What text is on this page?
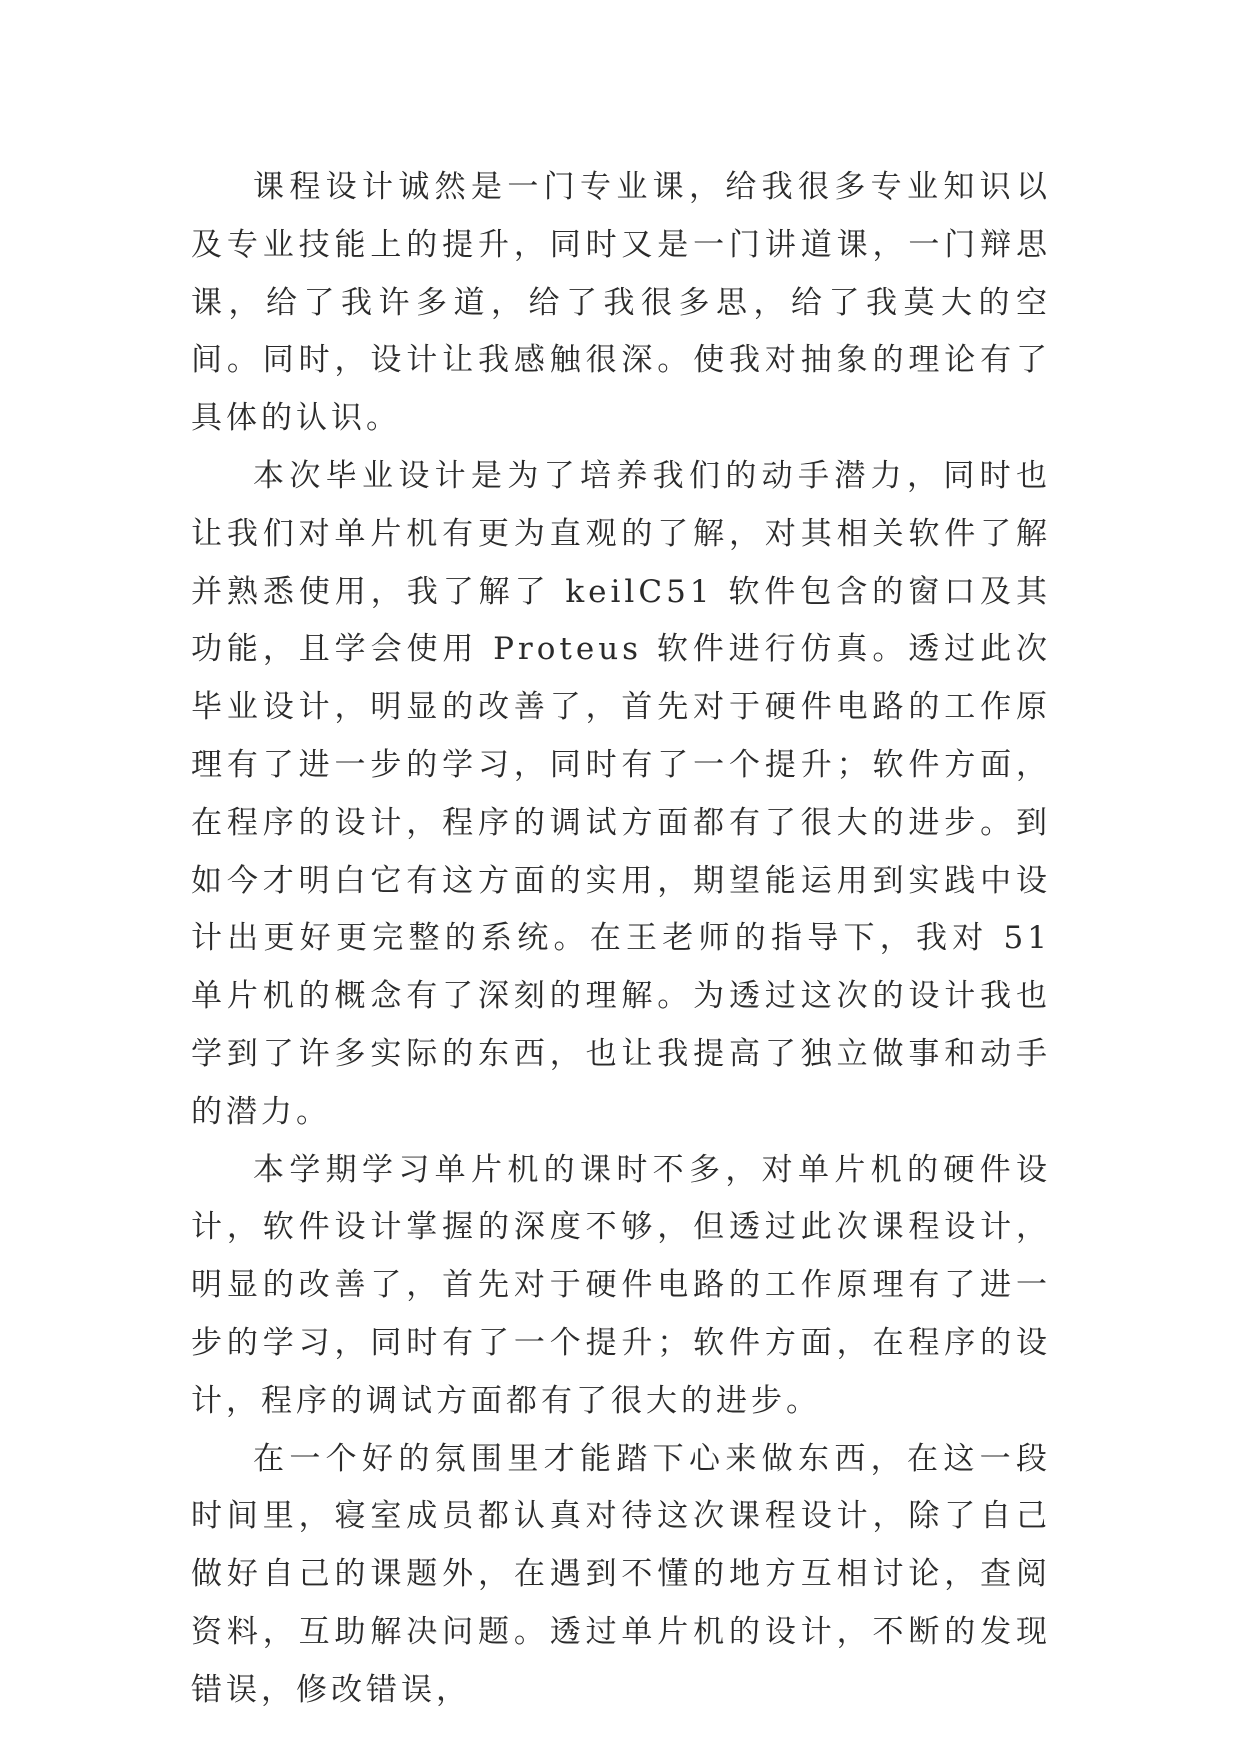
课程设计诚然是一门专业课，给我很多专业知识以及专业技能上的提升，同时又是一门讲道课，一门辩思课，给了我许多道，给了我很多思，给了我莫大的空间。同时，设计让我感触很深。使我对抽象的理论有了具体的认识。

本次毕业设计是为了培养我们的动手潜力，同时也让我们对单片机有更为直观的了解，对其相关软件了解并熟悉使用，我了解了 keilC51 软件包含的窗口及其功能，且学会使用 Proteus 软件进行仿真。透过此次毕业设计，明显的改善了，首先对于硬件电路的工作原理有了进一步的学习，同时有了一个提升；软件方面，在程序的设计，程序的调试方面都有了很大的进步。到如今才明白它有这方面的实用，期望能运用到实践中设计出更好更完整的系统。在王老师的指导下，我对 51 单片机的概念有了深刻的理解。为透过这次的设计我也学到了许多实际的东西，也让我提高了独立做事和动手的潜力。

本学期学习单片机的课时不多，对单片机的硬件设计，软件设计掌握的深度不够，但透过此次课程设计，明显的改善了，首先对于硬件电路的工作原理有了进一步的学习，同时有了一个提升；软件方面，在程序的设计，程序的调试方面都有了很大的进步。

在一个好的氛围里才能踏下心来做东西，在这一段时间里，寝室成员都认真对待这次课程设计，除了自己做好自己的课题外，在遇到不懂的地方互相讨论，查阅资料，互助解决问题。透过单片机的设计，不断的发现错误，修改错误，
